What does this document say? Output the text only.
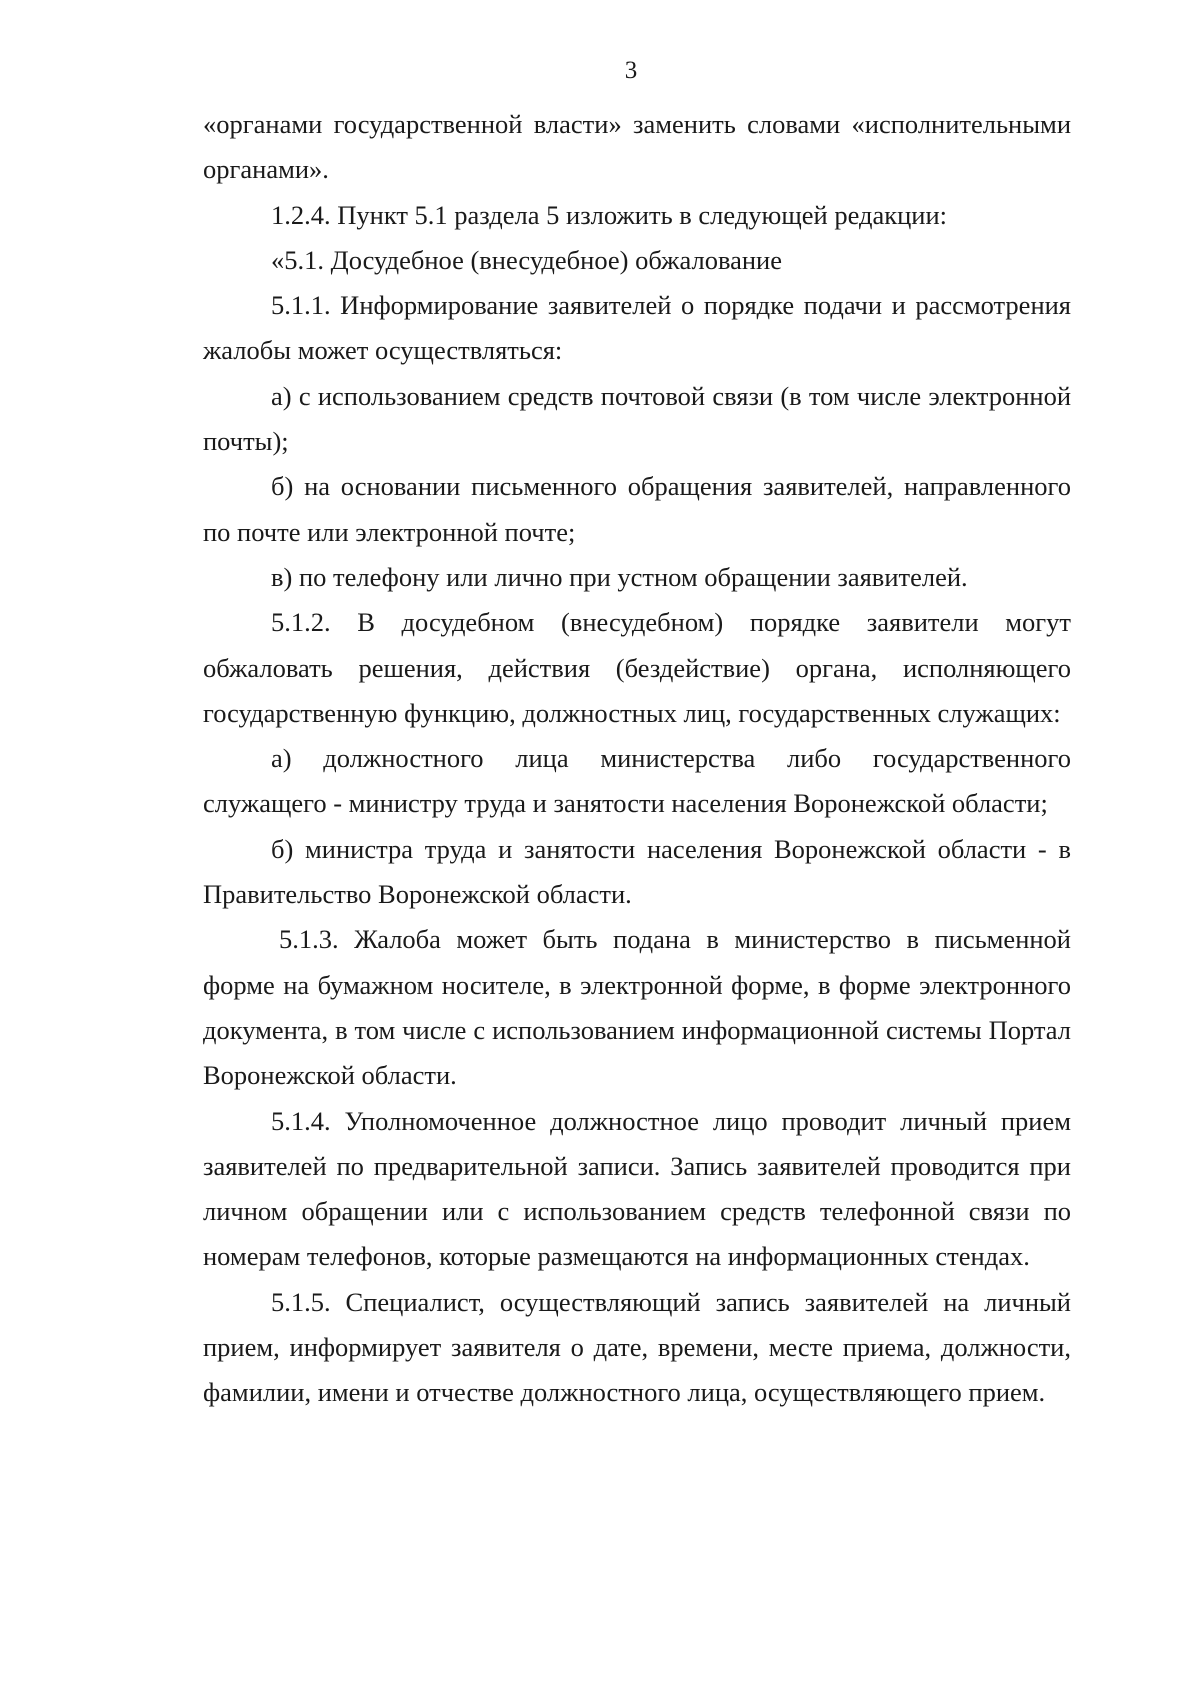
3

«органами государственной власти» заменить словами «исполнительными органами».

1.2.4. Пункт 5.1 раздела 5 изложить в следующей редакции:

«5.1. Досудебное (внесудебное) обжалование

5.1.1. Информирование заявителей о порядке подачи и рассмотрения жалобы может осуществляться:

а) с использованием средств почтовой связи (в том числе электронной почты);

б) на основании письменного обращения заявителей, направленного по почте или электронной почте;

в) по телефону или лично при устном обращении заявителей.

5.1.2. В досудебном (внесудебном) порядке заявители могут обжаловать решения, действия (бездействие) органа, исполняющего государственную функцию, должностных лиц, государственных служащих:

а) должностного лица министерства либо государственного служащего - министру труда и занятости населения Воронежской области;

б) министра труда и занятости населения Воронежской области - в Правительство Воронежской области.

5.1.3. Жалоба может быть подана в министерство в письменной форме на бумажном носителе, в электронной форме, в форме электронного документа, в том числе с использованием информационной системы Портал Воронежской области.

5.1.4. Уполномоченное должностное лицо проводит личный прием заявителей по предварительной записи. Запись заявителей проводится при личном обращении или с использованием средств телефонной связи по номерам телефонов, которые размещаются на информационных стендах.

5.1.5. Специалист, осуществляющий запись заявителей на личный прием, информирует заявителя о дате, времени, месте приема, должности, фамилии, имени и отчестве должностного лица, осуществляющего прием.
